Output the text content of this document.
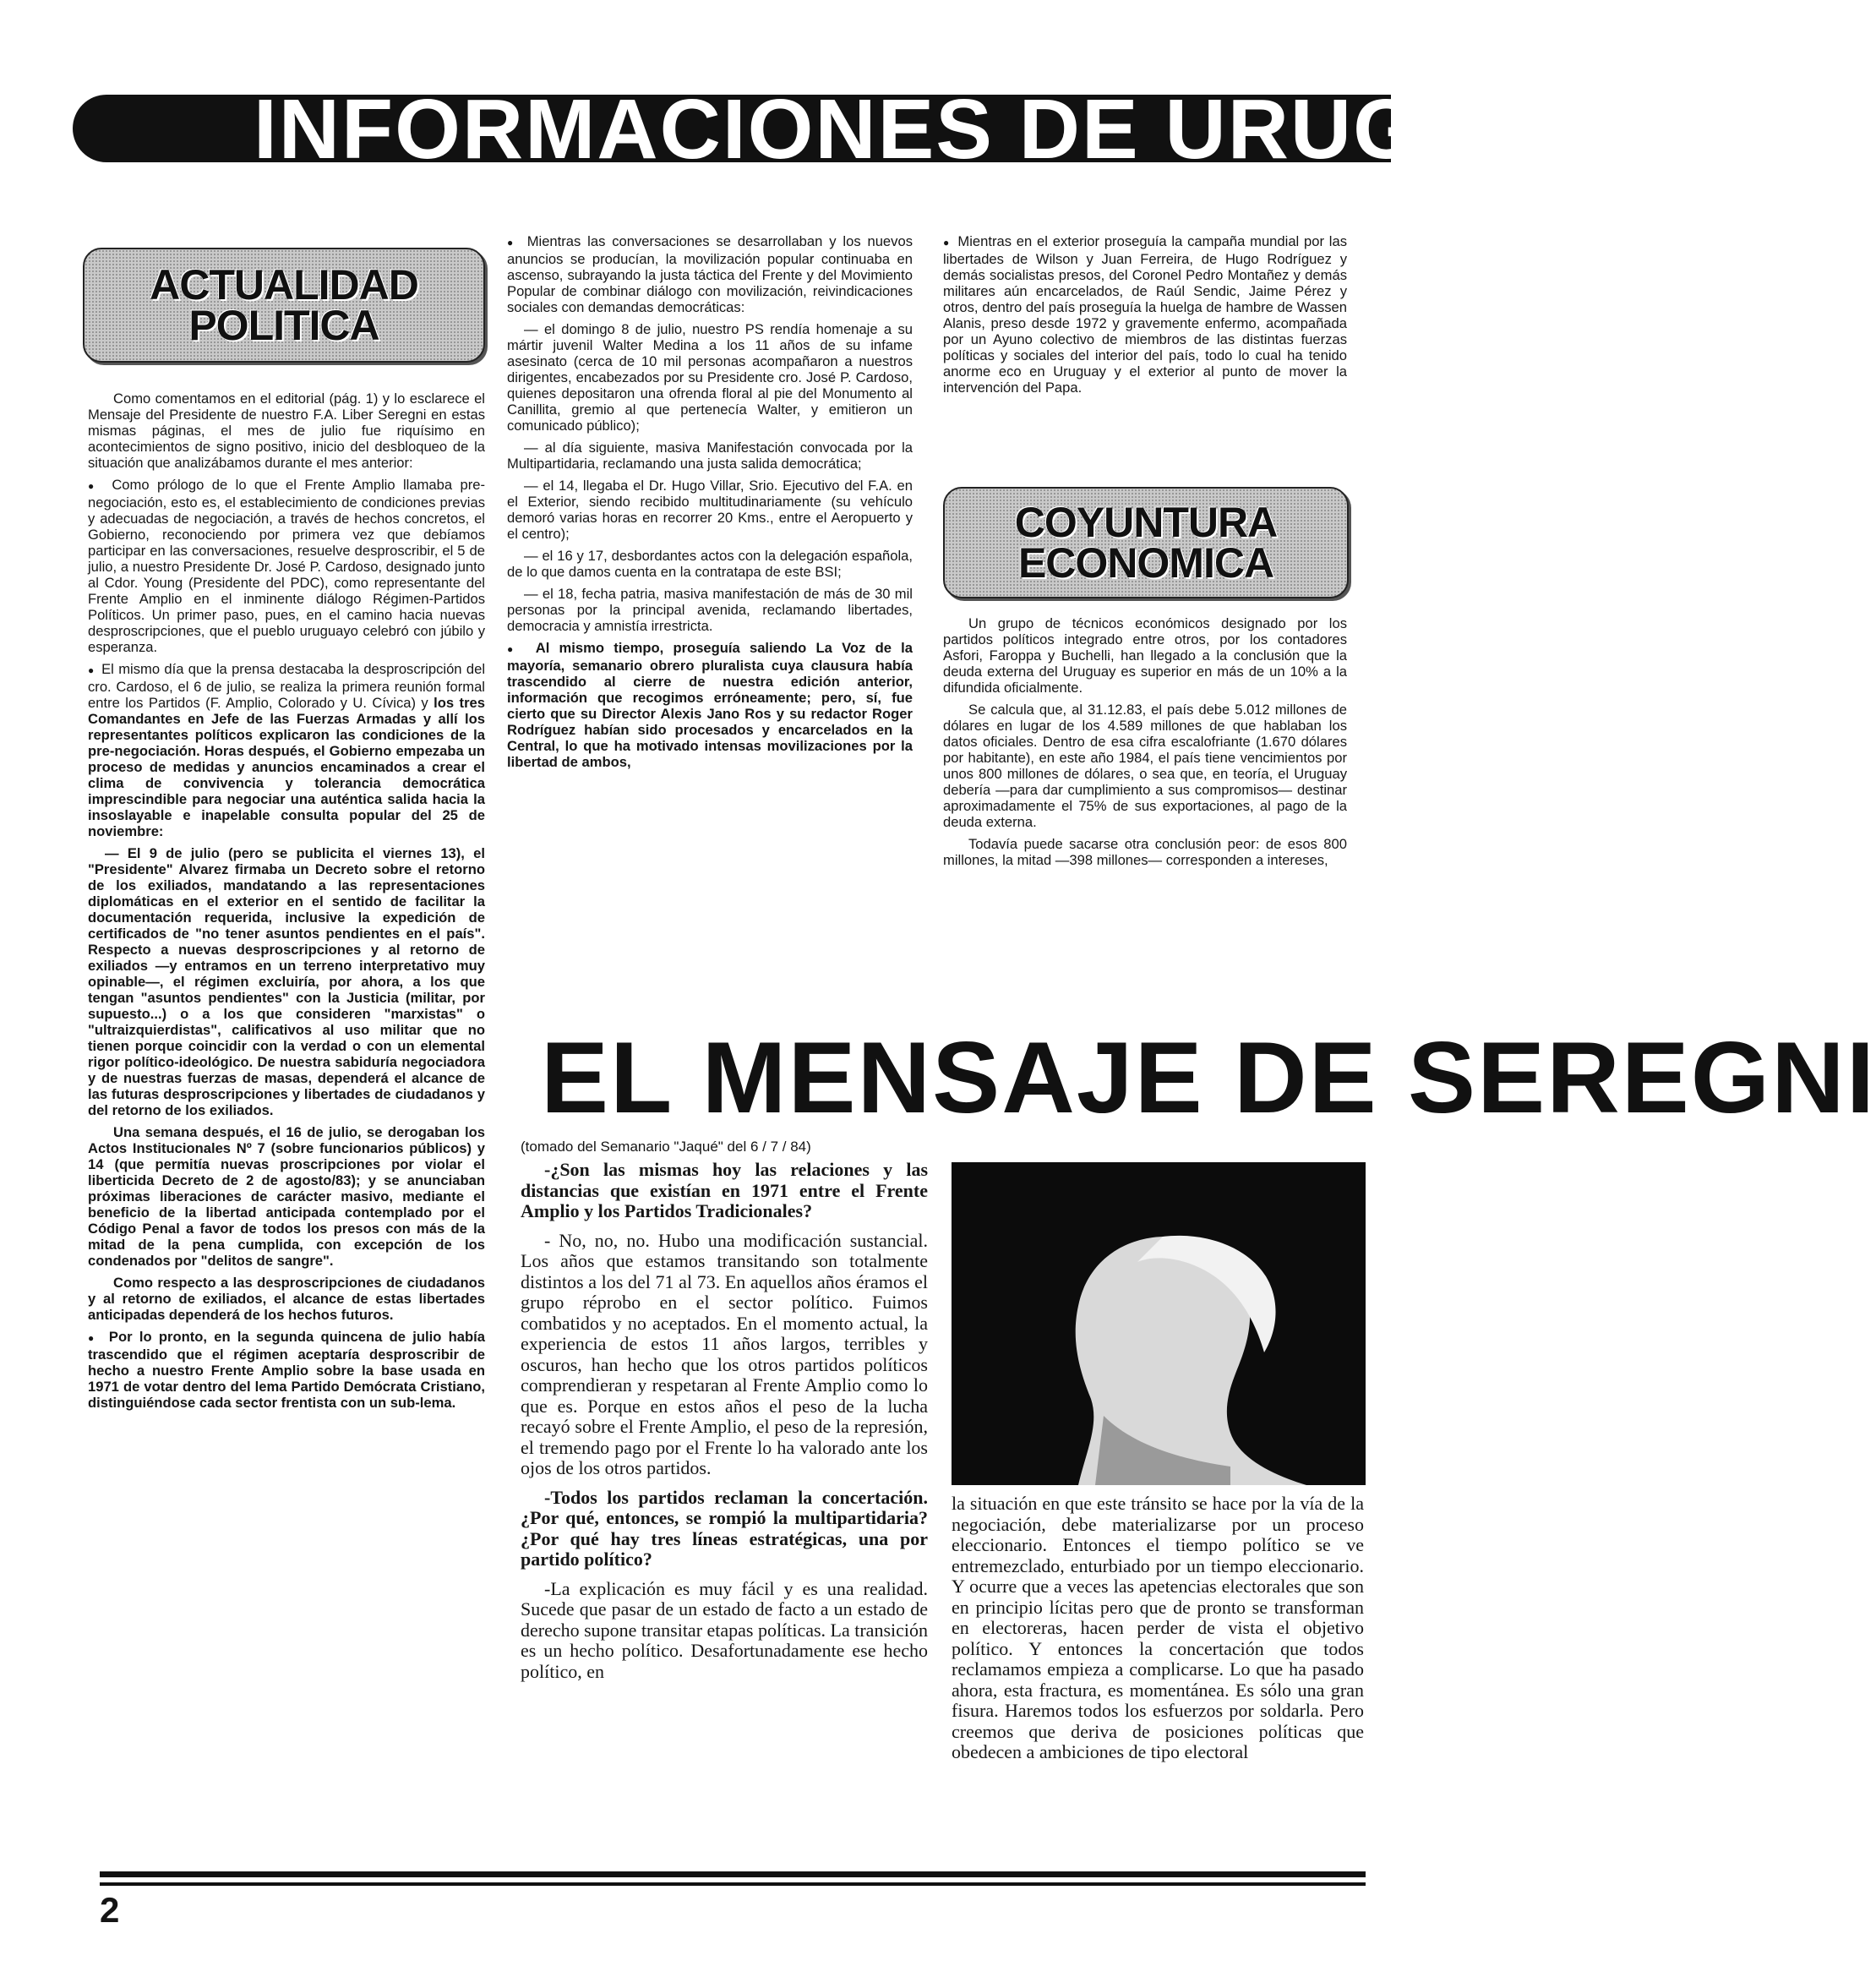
INFORMACIONES DE URUGUAY
ACTUALIDAD
POLITICA

Como comentamos en el editorial (pág. 1) y lo esclarece el Mensaje del Presidente de nuestro F.A. Liber Seregni en estas mismas páginas, el mes de julio fue riquísimo en acontecimientos de signo positivo, inicio del desbloqueo de la situación que analizábamos durante el mes anterior:

●  Como prólogo de lo que el Frente Amplio llamaba pre-negociación, esto es, el establecimiento de condiciones previas y adecuadas de negociación, a través de hechos concretos, el Gobierno, reconociendo por primera vez que debíamos participar en las conversaciones, resuelve desproscribir, el 5 de julio, a nuestro Presidente Dr. José P. Cardoso, designado junto al Cdor. Young (Presidente del PDC), como representante del Frente Amplio en el inminente diálogo Régimen-Partidos Políticos. Un primer paso, pues, en el camino hacia nuevas desproscripciones, que el pueblo uruguayo celebró con júbilo y esperanza.

●  El mismo día que la prensa destacaba la desproscripción del cro. Cardoso, el 6 de julio, se realiza la primera reunión formal entre los Partidos (F. Amplio, Colorado y U. Cívica) y los tres Comandantes en Jefe de las Fuerzas Armadas y allí los representantes políticos explicaron las condiciones de la pre-negociación. Horas después, el Gobierno empezaba un proceso de medidas y anuncios encaminados a crear el clima de convivencia y tolerancia democrática imprescindible para negociar una auténtica salida hacia la insoslayable e inapelable consulta popular del 25 de noviembre:

— El 9 de julio (pero se publicita el viernes 13), el "Presidente" Alvarez firmaba un Decreto sobre el retorno de los exiliados, mandatando a las representaciones diplomáticas en el exterior en el sentido de facilitar la documentación requerida, inclusive la expedición de certificados de "no tener asuntos pendientes en el país". Respecto a nuevas desproscripciones y al retorno de exiliados —y entramos en un terreno interpretativo muy opinable—, el régimen excluiría, por ahora, a los que tengan "asuntos pendientes" con la Justicia (militar, por supuesto...) o a los que consideren "marxistas" o "ultraizquierdistas", calificativos al uso militar que no tienen porque coincidir con la verdad o con un elemental rigor político-ideológico. De nuestra sabiduría negociadora y de nuestras fuerzas de masas, dependerá el alcance de las futuras desproscripciones y libertades de ciudadanos y del retorno de los exiliados.

Una semana después, el 16 de julio, se derogaban los Actos Institucionales Nº 7 (sobre funcionarios públicos) y 14 (que permitía nuevas proscripciones por violar el liberticida Decreto de 2 de agosto/83); y se anunciaban próximas liberaciones de carácter masivo, mediante el beneficio de la libertad anticipada contemplado por el Código Penal a favor de todos los presos con más de la mitad de la pena cumplida, con excepción de los condenados por "delitos de sangre".

Como respecto a las desproscripciones de ciudadanos y al retorno de exiliados, el alcance de estas libertades anticipadas dependerá de los hechos futuros.

●  Por lo pronto, en la segunda quincena de julio había trascendido que el régimen aceptaría desproscribir de hecho a nuestro Frente Amplio sobre la base usada en 1971 de votar dentro del lema Partido Demócrata Cristiano, distinguiéndose cada sector frentista con un sub-lema.

●  Mientras las conversaciones se desarrollaban y los nuevos anuncios se producían, la movilización popular continuaba en ascenso, subrayando la justa táctica del Frente y del Movimiento Popular de combinar diálogo con movilización, reivindicaciones sociales con demandas democráticas:

— el domingo 8 de julio, nuestro PS rendía homenaje a su mártir juvenil Walter Medina a los 11 años de su infame asesinato (cerca de 10 mil personas acompañaron a nuestros dirigentes, encabezados por su Presidente cro. José P. Cardoso, quienes depositaron una ofrenda floral al pie del Monumento al Canillita, gremio al que pertenecía Walter, y emitieron un comunicado público);

— al día siguiente, masiva Manifestación convocada por la Multipartidaria, reclamando una justa salida democrática;

— el 14, llegaba el Dr. Hugo Villar, Srio. Ejecutivo del F.A. en el Exterior, siendo recibido multitudinariamente (su vehículo demoró varias horas en recorrer 20 Kms., entre el Aeropuerto y el centro);

— el 16 y 17, desbordantes actos con la delegación española, de lo que damos cuenta en la contratapa de este BSI;

— el 18, fecha patria, masiva manifestación de más de 30 mil personas por la principal avenida, reclamando libertades, democracia y amnistía irrestricta.

●  Al mismo tiempo, proseguía saliendo La Voz de la mayoría, semanario obrero pluralista cuya clausura había trascendido al cierre de nuestra edición anterior, información que recogimos erróneamente; pero, sí, fue cierto que su Director Alexis Jano Ros y su redactor Roger Rodríguez habían sido procesados y encarcelados en la Central, lo que ha motivado intensas movilizaciones por la libertad de ambos,

●  Mientras en el exterior proseguía la campaña mundial por las libertades de Wilson y Juan Ferreira, de Hugo Rodríguez y demás socialistas presos, del Coronel Pedro Montañez y demás militares aún encarcelados, de Raúl Sendic, Jaime Pérez y otros, dentro del país proseguía la huelga de hambre de Wassen Alanis, preso desde 1972 y gravemente enfermo, acompañada por un Ayuno colectivo de miembros de las distintas fuerzas políticas y sociales del interior del país, todo lo cual ha tenido anorme eco en Uruguay y el exterior al punto de mover la intervención del Papa.

COYUNTURA
ECONOMICA

Un grupo de técnicos económicos designado por los partidos políticos integrado entre otros, por los contadores Asfori, Faroppa y Buchelli, han llegado a la conclusión que la deuda externa del Uruguay es superior en más de un 10% a la difundida oficialmente.

Se calcula que, al 31.12.83, el país debe 5.012 millones de dólares en lugar de los 4.589 millones de que hablaban los datos oficiales. Dentro de esa cifra escalofriante (1.670 dólares por habitante), en este año 1984, el país tiene vencimientos por unos 800 millones de dólares, o sea que, en teoría, el Uruguay debería —para dar cumplimiento a sus compromisos— destinar aproximadamente el 75% de sus exportaciones, al pago de la deuda externa.

Todavía puede sacarse otra conclusión peor: de esos 800 millones, la mitad —398 millones— corresponden a intereses,

EL MENSAJE DE SEREGNI
(tomado del Semanario "Jaqué" del 6 / 7 / 84)

-¿Son las mismas hoy las relaciones y las distancias que existían en 1971 entre el Frente Amplio y los Partidos Tradicionales?

- No, no, no. Hubo una modificación sustancial. Los años que estamos transitando son totalmente distintos a los del 71 al 73. En aquellos años éramos el grupo réprobo en el sector político. Fuimos combatidos y no aceptados. En el momento actual, la experiencia de estos 11 años largos, terribles y oscuros, han hecho que los otros partidos políticos comprendieran y respetaran al Frente Amplio como lo que es. Porque en estos años el peso de la lucha recayó sobre el Frente Amplio, el peso de la represión, el tremendo pago por el Frente lo ha valorado ante los ojos de los otros partidos.

-Todos los partidos reclaman la concertación. ¿Por qué, entonces, se rompió la multipartidaria? ¿Por qué hay tres líneas estratégicas, una por partido político?

-La explicación es muy fácil y es una realidad. Sucede que pasar de un estado de facto a un estado de derecho supone transitar etapas políticas. La transición es un hecho político. Desafortunadamente ese hecho político, en

la situación en que este tránsito se hace por la vía de la negociación, debe materializarse por un proceso eleccionario. Entonces el tiempo político se ve entremezclado, enturbiado por un tiempo eleccionario. Y ocurre que a veces las apetencias electorales que son en principio lícitas pero que de pronto se transforman en electoreras, hacen perder de vista el objetivo político. Y entonces la concertación que todos reclamamos empieza a complicarse. Lo que ha pasado ahora, esta fractura, es momentánea. Es sólo una gran fisura. Haremos todos los esfuerzos por soldarla. Pero creemos que deriva de posiciones políticas que obedecen a ambiciones de tipo electoral

2
